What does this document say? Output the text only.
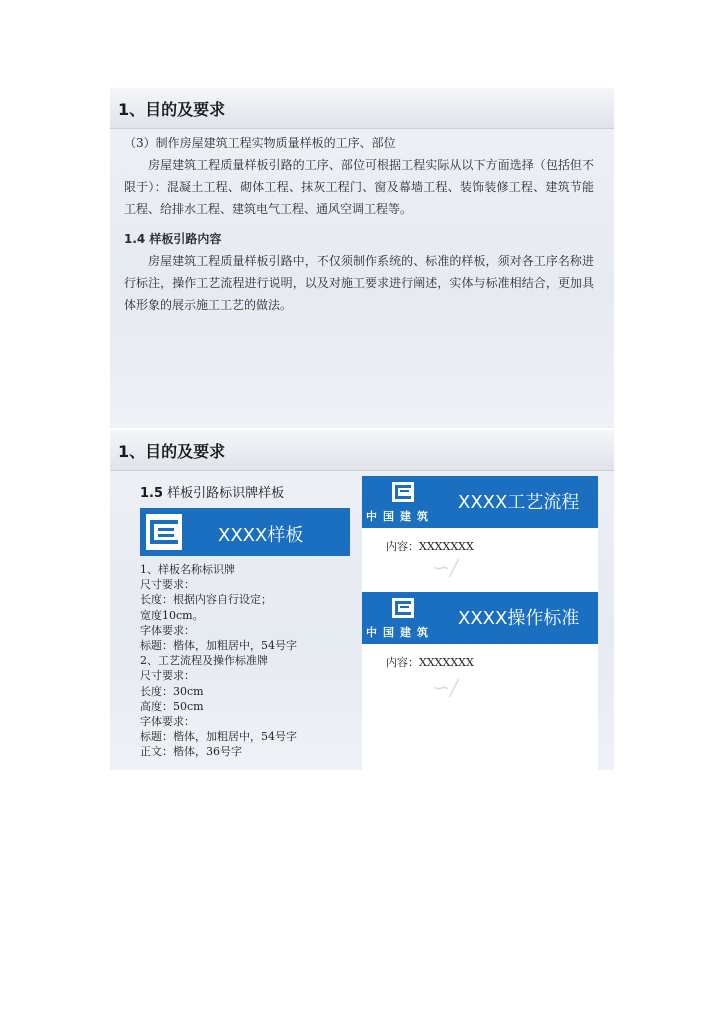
1、目的及要求
（3）制作房屋建筑工程实物质量样板的工序、部位
房屋建筑工程质量样板引路的工序、部位可根据工程实际从以下方面选择（包括但不限于）：混凝土工程、砌体工程、抹灰工程门、窗及幕墙工程、装饰装修工程、建筑节能工程、给排水工程、建筑电气工程、通风空调工程等。
1.4 样板引路内容
房屋建筑工程质量样板引路中，不仅须制作系统的、标准的样板，须对各工序名称进行标注，操作工艺流程进行说明，以及对施工要求进行阐述，实体与标准相结合，更加具体形象的展示施工工艺的做法。
1、目的及要求
1.5 样板引路标识牌样板
XXXX样板
1、样板名称标识牌
尺寸要求：
长度：根据内容自行设定；
宽度10cm。
字体要求：
标题：楷体，加粗居中，54号字
2、工艺流程及操作标准牌
尺寸要求：
长度：30cm
高度：50cm
字体要求：
标题：楷体，加粗居中，54号字
正文：楷体，36号字
中国建筑
XXXX工艺流程
内容：XXXXXXX
∽∕
中国建筑
XXXX操作标准
内容：XXXXXXX
∽∕
